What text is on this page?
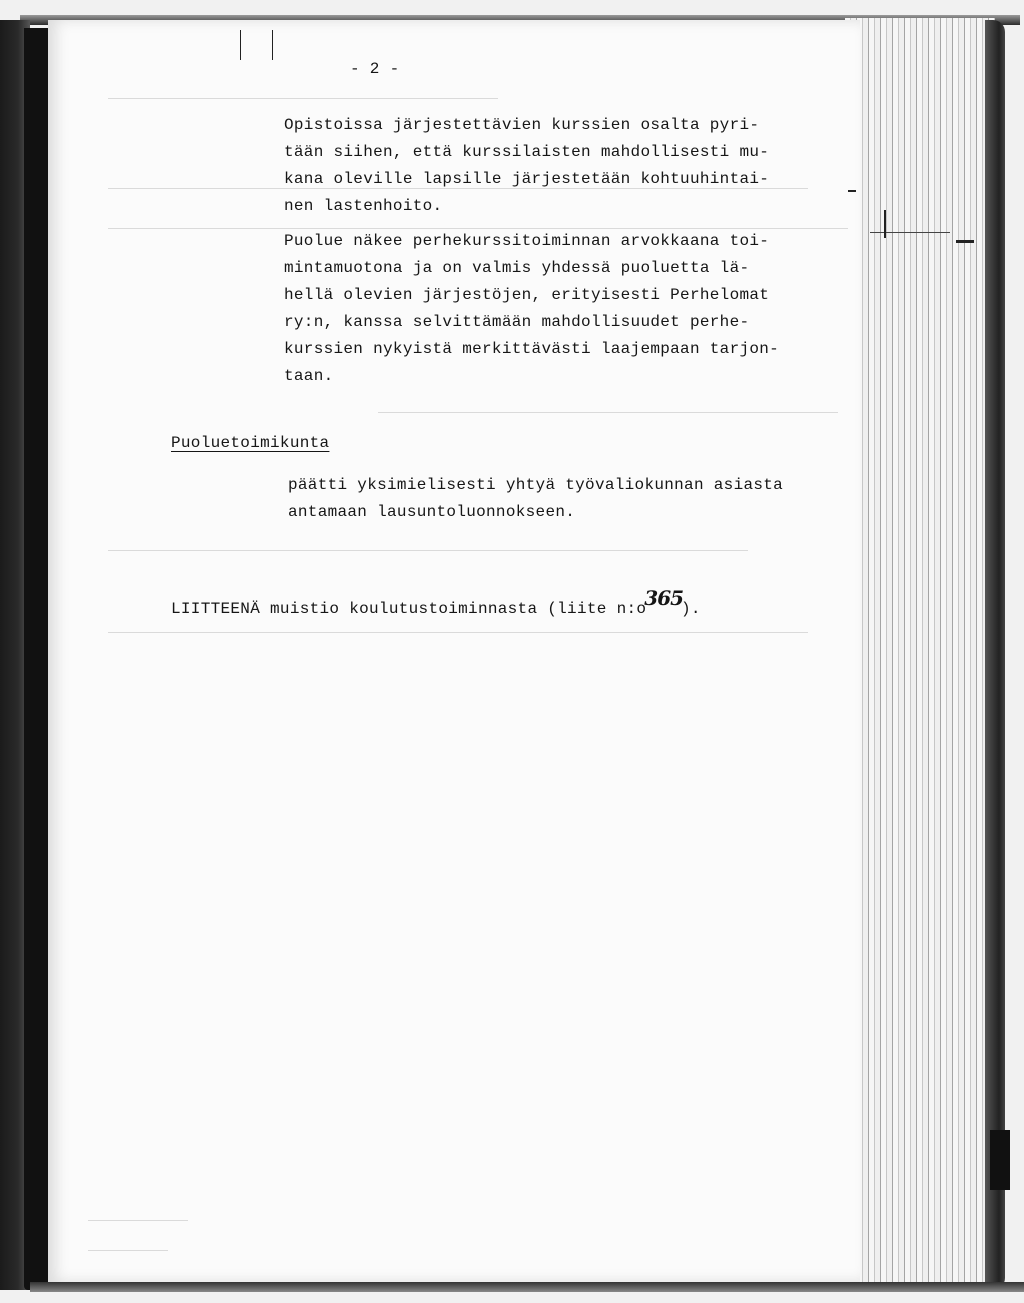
- 2 -
Opistoissa järjestettävien kurssien osalta pyri-
tään siihen, että kurssilaisten mahdollisesti mu-
kana oleville lapsille järjestetään kohtuuhintai-
nen lastenhoito.
Puolue näkee perhekurssitoiminnan arvokkaana toi-
mintamuotona ja on valmis yhdessä puoluetta lä-
hellä olevien järjestöjen, erityisesti Perhelomat
ry:n, kanssa selvittämään mahdollisuudet perhe-
kurssien nykyistä merkittävästi laajempaan tarjon-
taan.
Puoluetoimikunta
päätti yksimielisesti yhtyä työvaliokunnan asiasta
antamaan lausuntoluonnokseen.
LIITTEENÄ muistio koulutustoiminnasta (liite n:o365).
